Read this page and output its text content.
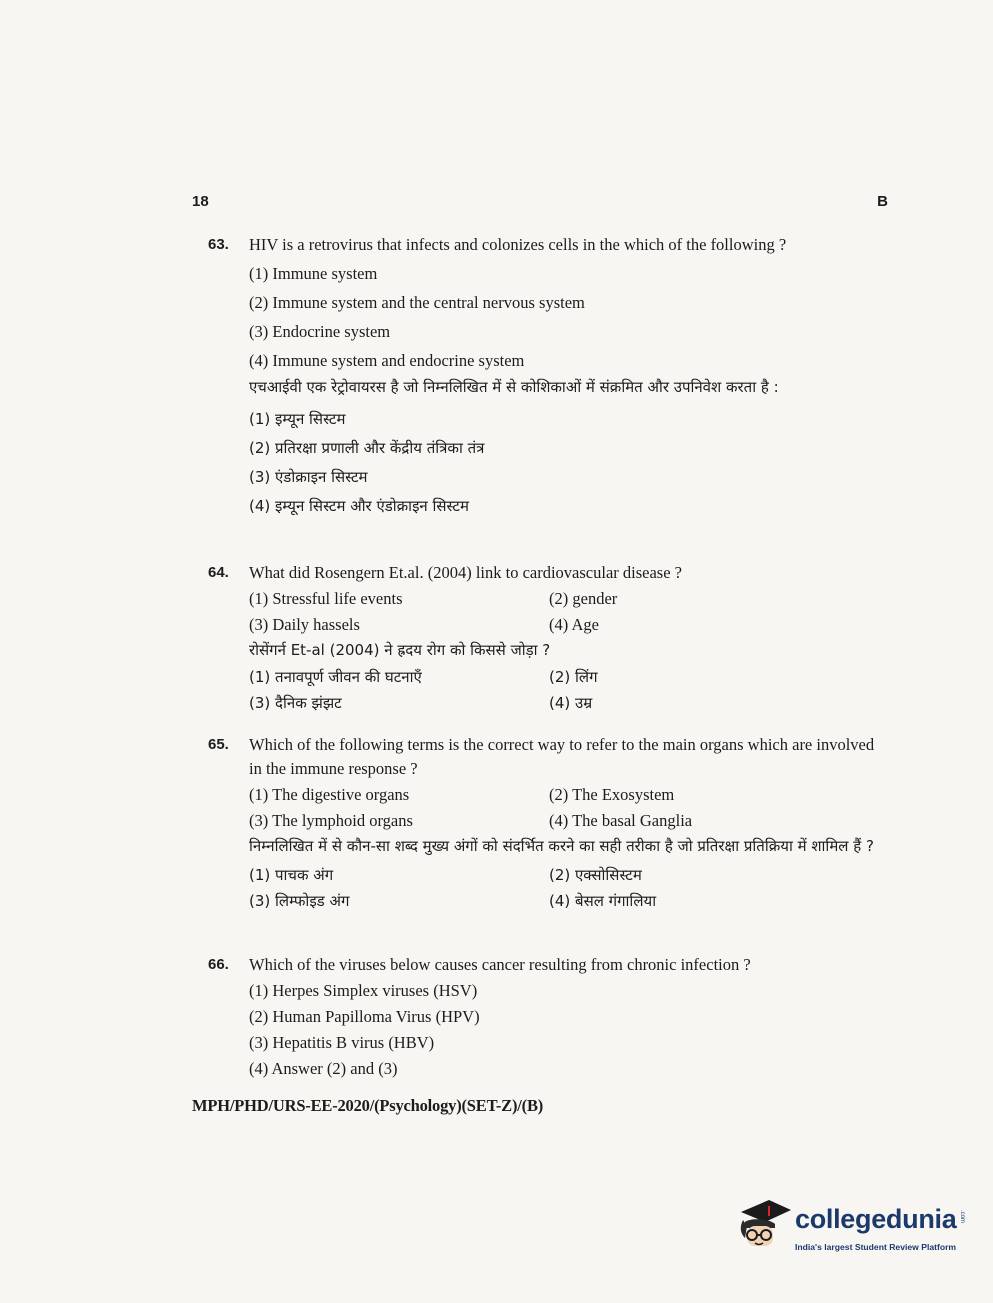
18	B
63.	HIV is a retrovirus that infects and colonizes cells in the which of the following ?
(1) Immune system
(2) Immune system and the central nervous system
(3) Endocrine system
(4) Immune system and endocrine system
एचआईवी एक रेट्रोवायरस है जो निम्नलिखित में से कोशिकाओं में संक्रमित और उपनिवेश करता है :
(1) इम्यून सिस्टम
(2) प्रतिरक्षा प्रणाली और केंद्रीय तंत्रिका तंत्र
(3) एंडोक्राइन सिस्टम
(4) इम्यून सिस्टम और एंडोक्राइन सिस्टम
64.	What did Rosengern Et.al. (2004) link to cardiovascular disease ?
(1) Stressful life events	(2) gender
(3) Daily hassels	(4) Age
रोसेंगर्न Et-al (2004) ने ह्रदय रोग को किससे जोड़ा ?
(1) तनावपूर्ण जीवन की घटनाएँ	(2) लिंग
(3) दैनिक झंझट	(4) उम्र
65.	Which of the following terms is the correct way to refer to the main organs which are involved in the immune response ?
(1) The digestive organs	(2) The Exosystem
(3) The lymphoid organs	(4) The basal Ganglia
निम्नलिखित में से कौन-सा शब्द मुख्य अंगों को संदर्भित करने का सही तरीका है जो प्रतिरक्षा प्रतिक्रिया में शामिल हैं ?
(1) पाचक अंग	(2) एक्सोसिस्टम
(3) लिम्फोइड अंग	(4) बेसल गंगालिया
66.	Which of the viruses below causes cancer resulting from chronic infection ?
(1) Herpes Simplex viruses (HSV)
(2) Human Papilloma Virus (HPV)
(3) Hepatitis B virus (HBV)
(4) Answer (2) and (3)
MPH/PHD/URS-EE-2020/(Psychology)(SET-Z)/(B)
collegedunia .com
India's largest Student Review Platform
